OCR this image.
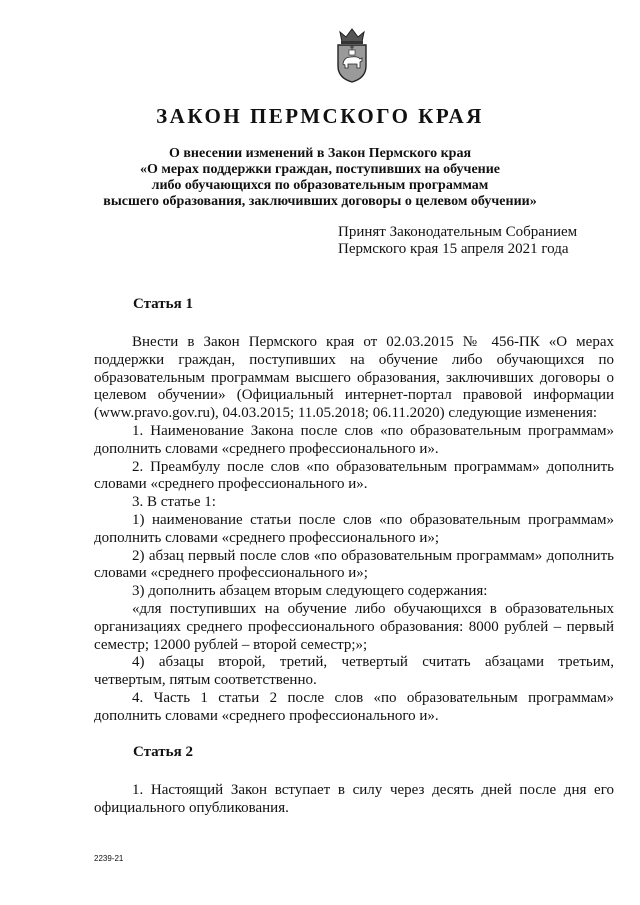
ЗАКОН ПЕРМСКОГО КРАЯ
О внесении изменений в Закон Пермского края
«О мерах поддержки граждан, поступивших на обучение
либо обучающихся по образовательным программам
высшего образования, заключивших договоры о целевом обучении»
Принят Законодательным Собранием
Пермского края 15 апреля 2021 года
Статья 1

Внести в Закон Пермского края от 02.03.2015 № 456-ПК «О мерах поддержки граждан, поступивших на обучение либо обучающихся по образовательным программам высшего образования, заключивших договоры о целевом обучении» (Официальный интернет-портал правовой информации (www.pravo.gov.ru), 04.03.2015; 11.05.2018; 06.11.2020) следующие изменения:

1. Наименование Закона после слов «по образовательным программам» дополнить словами «среднего профессионального и».

2. Преамбулу после слов «по образовательным программам» дополнить словами «среднего профессионального и».

3. В статье 1:

1) наименование статьи после слов «по образовательным программам» дополнить словами «среднего профессионального и»;

2) абзац первый после слов «по образовательным программам» дополнить словами «среднего профессионального и»;

3) дополнить абзацем вторым следующего содержания:

«для поступивших на обучение либо обучающихся в образовательных организациях среднего профессионального образования: 8000 рублей – первый семестр; 12000 рублей – второй семестр;»;

4) абзацы второй, третий, четвертый считать абзацами третьим, четвертым, пятым соответственно.

4. Часть 1 статьи 2 после слов «по образовательным программам» дополнить словами «среднего профессионального и».

Статья 2

1. Настоящий Закон вступает в силу через десять дней после дня его официального опубликования.

2239-21
